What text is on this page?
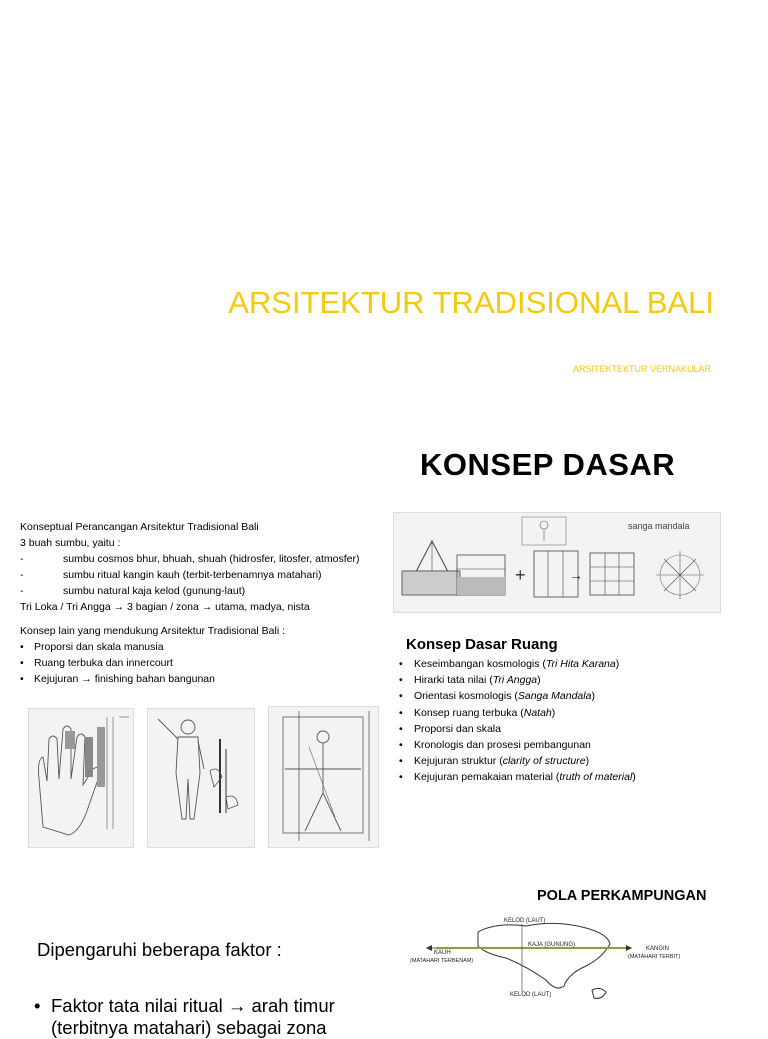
ARSITEKTUR TRADISIONAL BALI
ARSITEKTEKTUR VERNAKULAR
KONSEP DASAR
Konseptual Perancangan Arsitektur Tradisional Bali
3 buah sumbu, yaitu :
-	sumbu cosmos bhur, bhuah, shuah (hidrosfer, litosfer, atmosfer)
-	sumbu ritual kangin kauh (terbit-terbenamnya matahari)
-	sumbu natural kaja kelod (gunung-laut)
Tri Loka / Tri Angga → 3 bagian / zona → utama, madya, nista
Konsep lain yang mendukung Arsitektur Tradisional Bali :
• Proporsi dan skala manusia
• Ruang terbuka dan innercourt
• Kejujuran → finishing bahan bangunan
+	→
sanga mandala
Konsep Dasar Ruang
•	Keseimbangan kosmologis (Tri Hita Karana)
•	Hirarki tata nilai (Tri Angga)
•	Orientasi kosmologis (Sanga Mandala)
•	Konsep ruang terbuka (Natah)
•	Proporsi dan skala
•	Kronologis dan prosesi pembangunan
•	Kejujuran struktur (clarity of structure)
•	Kejujuran pemakaian material (truth of material)
POLA PERKAMPUNGAN
KELOD (LAUT)
KAJA (GUNUNG)
KAUH
(MATAHARI TERBENAM)
KANGIN
(MATAHARI TERBIT)
KELOD (LAUT)
Dipengaruhi beberapa faktor :
• Faktor tata nilai ritual → arah timur (terbitnya matahari) sebagai zona
